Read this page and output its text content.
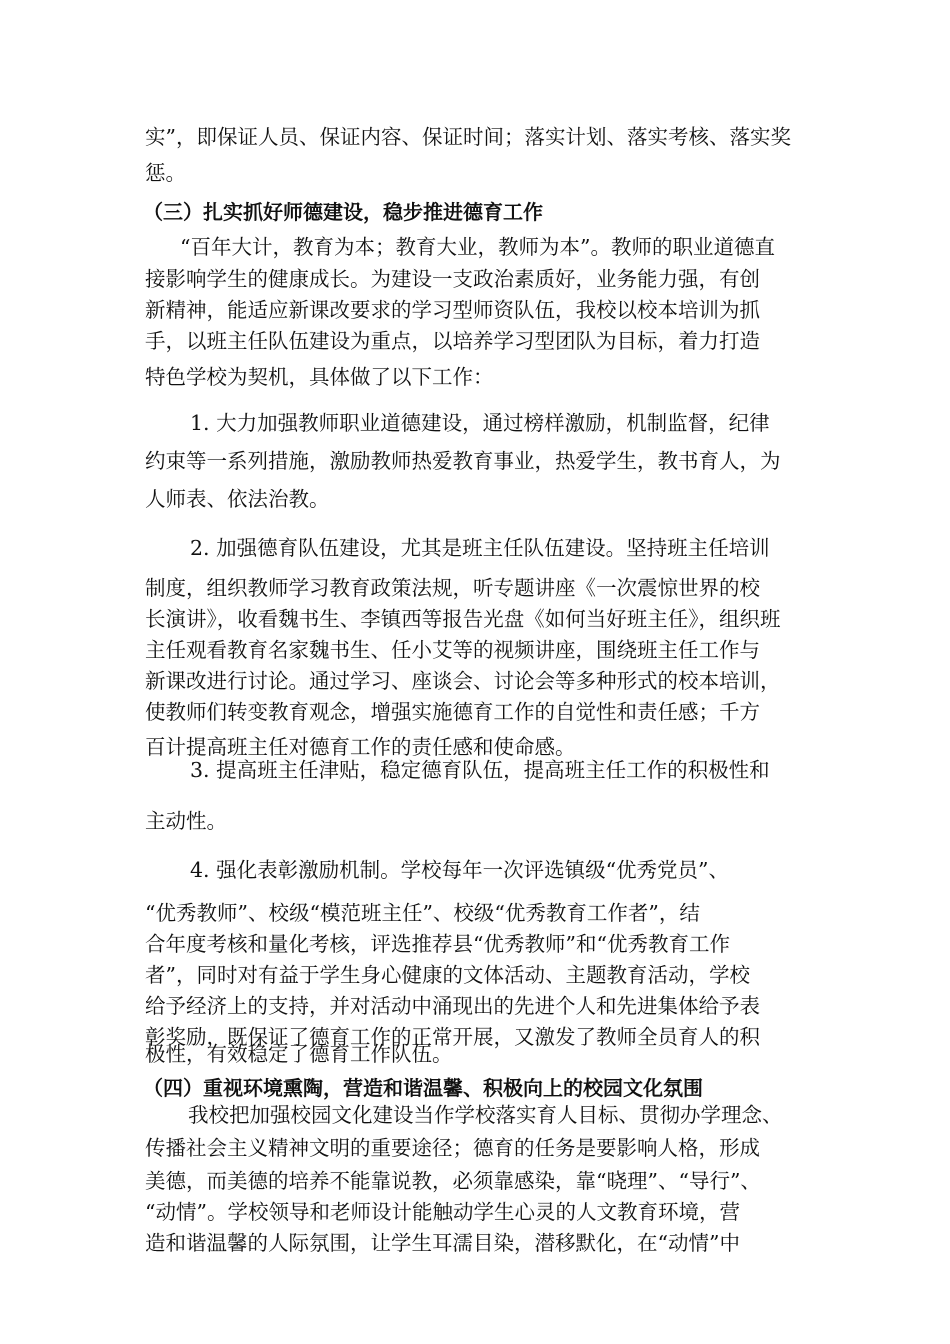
实”，即保证人员、保证内容、保证时间；落实计划、落实考核、落实奖
惩。
（三）扎实抓好师德建设，稳步推进德育工作
“百年大计，教育为本；教育大业，教师为本”。教师的职业道德直
接影响学生的健康成长。为建设一支政治素质好，业务能力强，有创
新精神，能适应新课改要求的学习型师资队伍，我校以校本培训为抓
手，以班主任队伍建设为重点，以培养学习型团队为目标，着力打造
特色学校为契机，具体做了以下工作：
1. 大力加强教师职业道德建设，通过榜样激励，机制监督，纪律
约束等一系列措施，激励教师热爱教育事业，热爱学生，教书育人，为
人师表、依法治教。
2. 加强德育队伍建设，尤其是班主任队伍建设。坚持班主任培训
制度，组织教师学习教育政策法规，听专题讲座《一次震惊世界的校
长演讲》，收看魏书生、李镇西等报告光盘《如何当好班主任》，组织班
主任观看教育名家魏书生、任小艾等的视频讲座，围绕班主任工作与
新课改进行讨论。通过学习、座谈会、讨论会等多种形式的校本培训，
使教师们转变教育观念，增强实施德育工作的自觉性和责任感；千方
百计提高班主任对德育工作的责任感和使命感。
3. 提高班主任津贴，稳定德育队伍，提高班主任工作的积极性和
主动性。
4. 强化表彰激励机制。学校每年一次评选镇级“优秀党员”、
“优秀教师”、校级“模范班主任”、校级“优秀教育工作者”，结
合年度考核和量化考核，评选推荐县“优秀教师”和“优秀教育工作
者”，同时对有益于学生身心健康的文体活动、主题教育活动，学校
给予经济上的支持，并对活动中涌现出的先进个人和先进集体给予表
彰奖励，既保证了德育工作的正常开展，又激发了教师全员育人的积
极性，有效稳定了德育工作队伍。
（四）重视环境熏陶，营造和谐温馨、积极向上的校园文化氛围
我校把加强校园文化建设当作学校落实育人目标、贯彻办学理念、
传播社会主义精神文明的重要途径；德育的任务是要影响人格，形成
美德，而美德的培养不能靠说教，必须靠感染，靠“晓理”、“导行”、
“动情”。学校领导和老师设计能触动学生心灵的人文教育环境，营
造和谐温馨的人际氛围，让学生耳濡目染，潜移默化，在“动情”中
